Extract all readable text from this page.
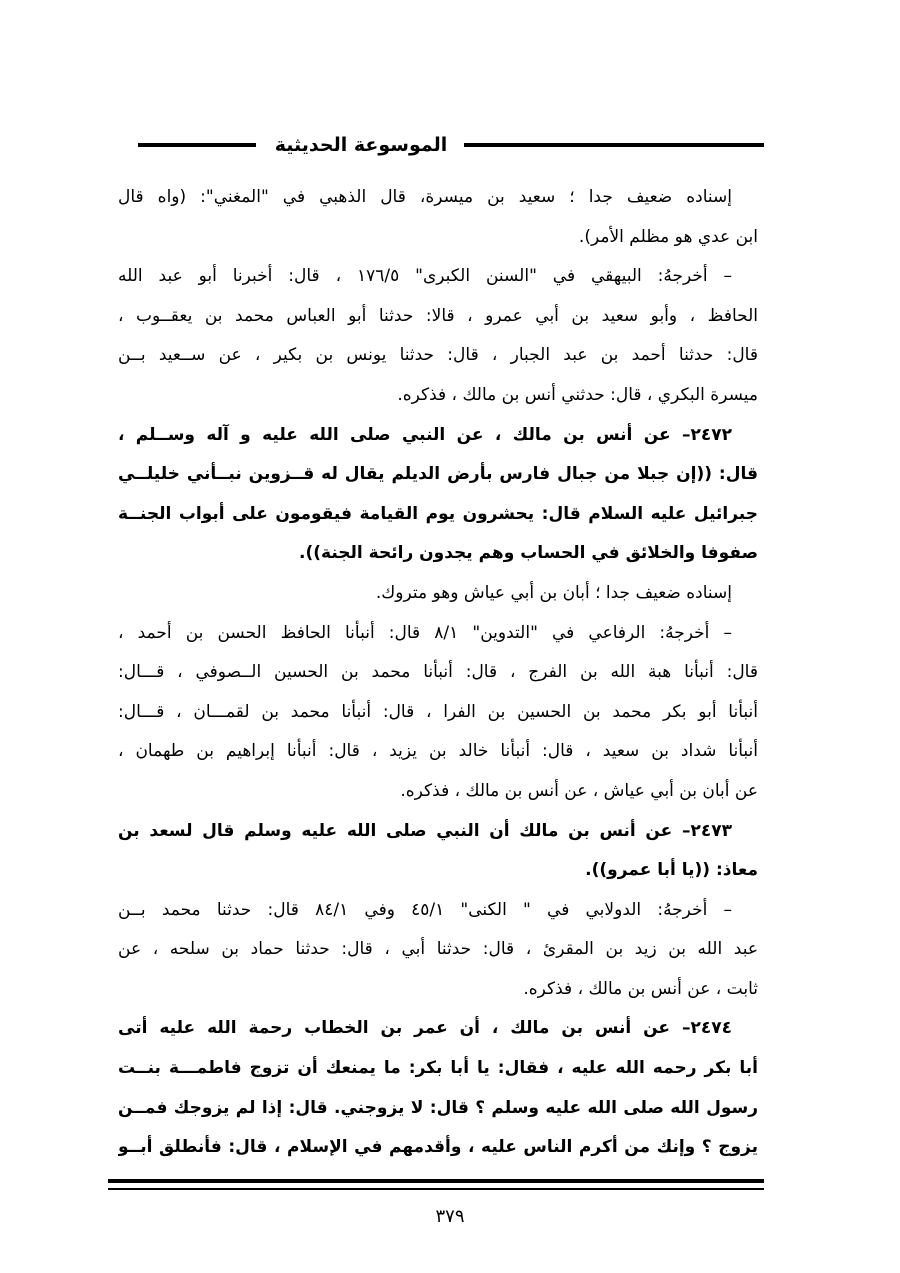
الموسوعة الحديثية
إسناده ضعيف جدا ؛ سعيد بن ميسرة، قال الذهبي في "المغني": (واه قال
ابن عدي هو مظلم الأمر).
– أخرجهُ: البيهقي في "السنن الكبرى" ١٧٦/٥ ، قال: أخبرنا أبو عبد الله
الحافظ ، وأبو سعيد بن أبي عمرو ، قالا: حدثنا أبو العباس محمد بن يعقــوب ،
قال: حدثنا أحمد بن عبد الجبار ، قال: حدثنا يونس بن بكير ، عن ســعيد بــن
ميسرة البكري ، قال: حدثني أنس بن مالك ، فذكره.
٢٤٧٢– عن أنس بن مالك ، عن النبي صلى الله عليه و آله وســلم ،
قال: ((إن جبلا من جبال فارس بأرض الديلم يقال له قــزوين نبــأني خليلــي
جبرائيل عليه السلام قال: يحشرون يوم القيامة فيقومون على أبواب الجنــة
صفوفا والخلائق في الحساب وهم يجدون رائحة الجنة)).
إسناده ضعيف جدا ؛ أبان بن أبي عياش وهو متروك.
– أخرجهُ: الرفاعي في "التدوين" ٨/١ قال: أنبأنا الحافظ الحسن بن أحمد ،
قال: أنبأنا هبة الله بن الفرج ، قال: أنبأنا محمد بن الحسين الــصوفي ، قـــال:
أنبأنا أبو بكر محمد بن الحسين بن الفرا ، قال: أنبأنا محمد بن لقمـــان ، قـــال:
أنبأنا شداد بن سعيد ، قال: أنبأنا خالد بن يزيد ، قال: أنبأنا إبراهيم بن طهمان ،
عن أبان بن أبي عياش ، عن أنس بن مالك ، فذكره.
٢٤٧٣– عن أنس بن مالك أن النبي صلى الله عليه وسلم قال لسعد بن
معاذ: ((يا أبا عمرو)).
– أخرجهُ: الدولابي في " الكنى" ٤٥/١ وفي ٨٤/١ قال: حدثنا محمد بــن
عبد الله بن زيد بن المقرئ ، قال: حدثنا أبي ، قال: حدثنا حماد بن سلحه ، عن
ثابت ، عن أنس بن مالك ، فذكره.
٢٤٧٤– عن أنس بن مالك ، أن عمر بن الخطاب رحمة الله عليه أتى
أبا بكر رحمه الله عليه ، فقال: يا أبا بكر: ما يمنعك أن تزوج فاطمـــة بنــت
رسول الله صلى الله عليه وسلم ؟ قال: لا يزوجني. قال: إذا لم يزوجك فمــن
يزوج ؟ وإنك من أكرم الناس عليه ، وأقدمهم في الإسلام ، قال: فأنطلق أبــو
٣٧٩
